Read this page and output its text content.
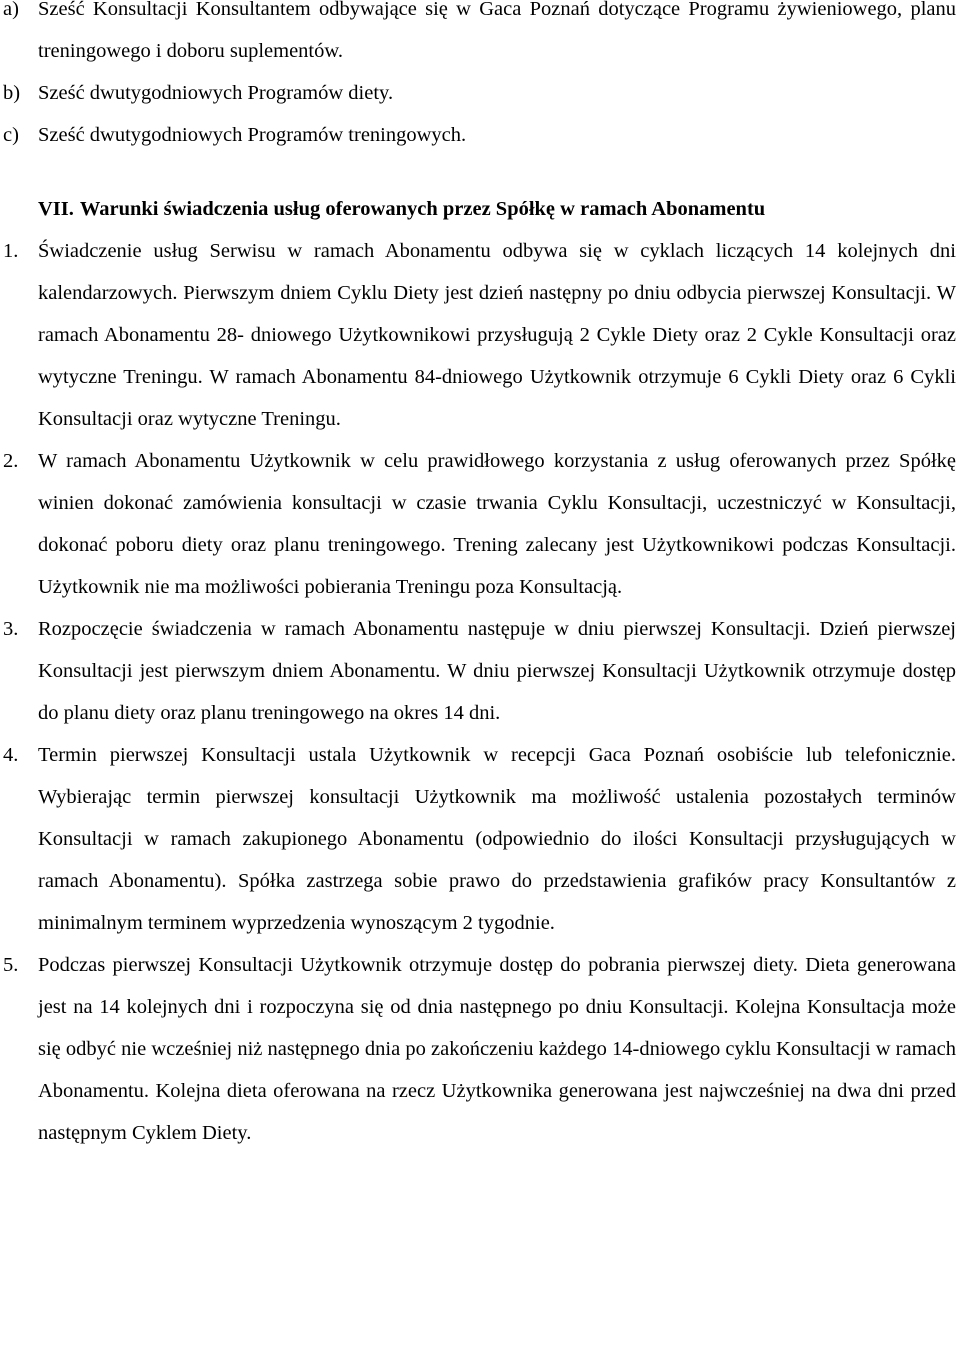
a) Sześć Konsultacji Konsultantem odbywające się w Gaca Poznań dotyczące Programu żywieniowego, planu treningowego i doboru suplementów.
b) Sześć dwutygodniowych Programów diety.
c) Sześć dwutygodniowych Programów treningowych.
VII. Warunki świadczenia usług oferowanych przez Spółkę w ramach Abonamentu
1. Świadczenie usług Serwisu w ramach Abonamentu odbywa się w cyklach liczących 14 kolejnych dni kalendarzowych. Pierwszym dniem Cyklu Diety jest dzień następny po dniu odbycia pierwszej Konsultacji. W ramach Abonamentu 28- dniowego Użytkownikowi przysługują 2 Cykle Diety oraz 2 Cykle Konsultacji oraz wytyczne Treningu. W ramach Abonamentu 84-dniowego Użytkownik otrzymuje 6 Cykli Diety oraz 6 Cykli Konsultacji oraz wytyczne Treningu.
2. W ramach Abonamentu Użytkownik w celu prawidłowego korzystania z usług oferowanych przez Spółkę winien dokonać zamówienia konsultacji w czasie trwania Cyklu Konsultacji, uczestniczyć w Konsultacji, dokonać poboru diety oraz planu treningowego. Trening zalecany jest Użytkownikowi podczas Konsultacji. Użytkownik nie ma możliwości pobierania Treningu poza Konsultacją.
3. Rozpoczęcie świadczenia w ramach Abonamentu następuje w dniu pierwszej Konsultacji. Dzień pierwszej Konsultacji jest pierwszym dniem Abonamentu. W dniu pierwszej Konsultacji Użytkownik otrzymuje dostęp do planu diety oraz planu treningowego na okres 14 dni.
4. Termin pierwszej Konsultacji ustala Użytkownik w recepcji Gaca Poznań osobiście lub telefonicznie. Wybierając termin pierwszej konsultacji Użytkownik ma możliwość ustalenia pozostałych terminów Konsultacji w ramach zakupionego Abonamentu (odpowiednio do ilości Konsultacji przysługujących w ramach Abonamentu). Spółka zastrzega sobie prawo do przedstawienia grafików pracy Konsultantów z minimalnym terminem wyprzedzenia wynoszącym 2 tygodnie.
5. Podczas pierwszej Konsultacji Użytkownik otrzymuje dostęp do pobrania pierwszej diety. Dieta generowana jest na 14 kolejnych dni i rozpoczyna się od dnia następnego po dniu Konsultacji. Kolejna Konsultacja może się odbyć nie wcześniej niż następnego dnia po zakończeniu każdego 14-dniowego cyklu Konsultacji w ramach Abonamentu. Kolejna dieta oferowana na rzecz Użytkownika generowana jest najwcześniej na dwa dni przed następnym Cyklem Diety.
